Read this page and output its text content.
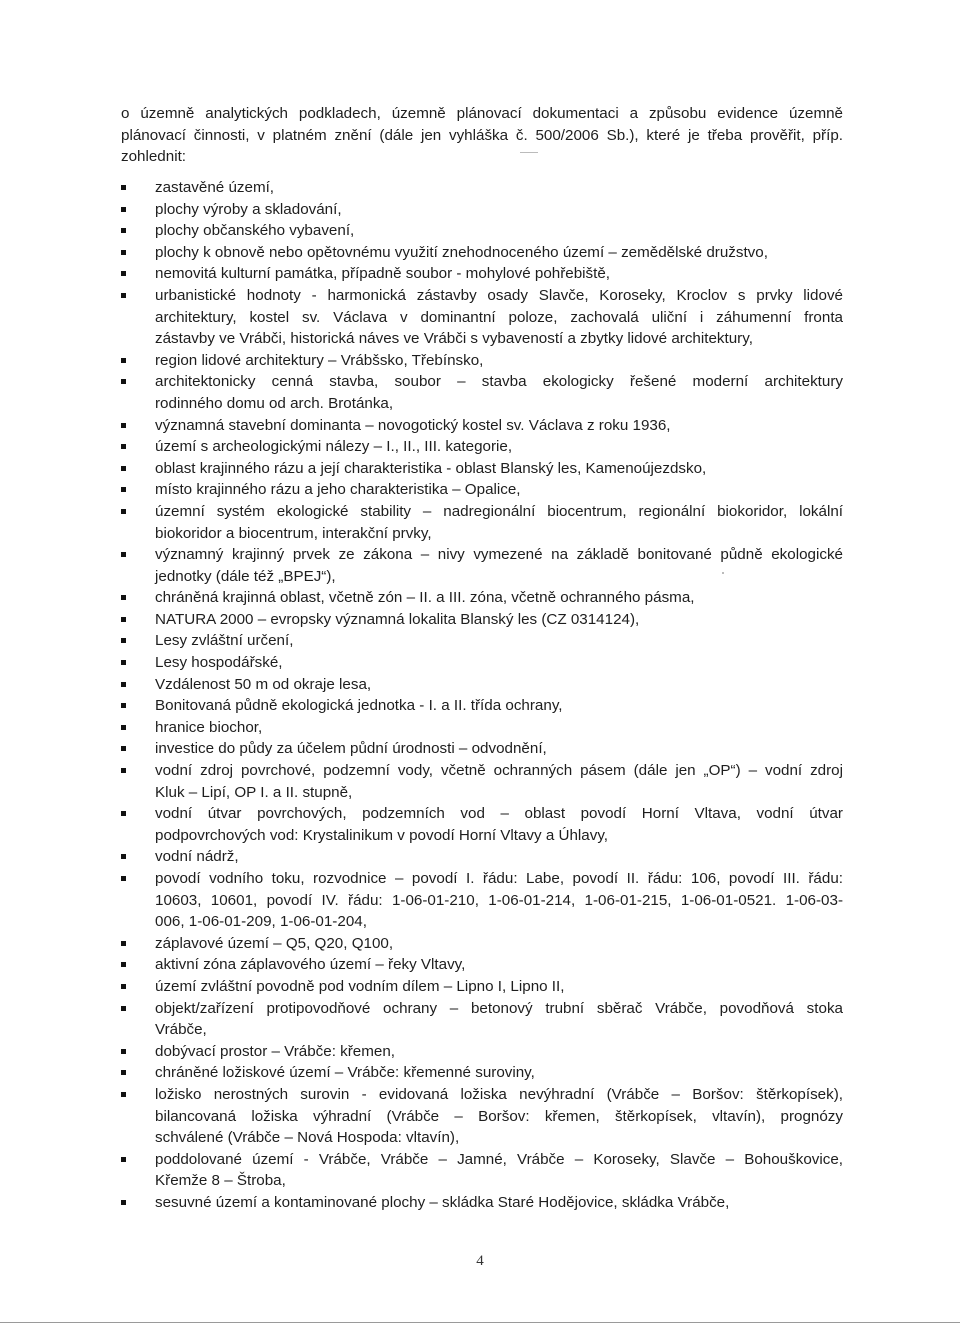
o územně analytických podkladech, územně plánovací dokumentaci a způsobu evidence územně
plánovací činnosti, v platném znění (dále jen vyhláška č. 500/2006 Sb.), které je třeba prověřit, příp.
zohlednit:
zastavěné území,
plochy výroby a skladování,
plochy občanského vybavení,
plochy k obnově nebo opětovnému využití znehodnoceného území – zemědělské družstvo,
nemovitá kulturní památka, případně soubor - mohylové pohřebiště,
urbanistické hodnoty - harmonická zástavby osady Slavče, Koroseky, Kroclov s prvky lidové
architektury, kostel sv. Václava v dominantní poloze, zachovalá uliční i záhumenní fronta
zástavby ve Vrábči, historická náves ve Vrábči s vybaveností a zbytky lidové architektury,
region lidové architektury – Vrábšsko, Třebínsko,
architektonicky cenná stavba, soubor – stavba ekologicky řešené moderní architektury
rodinného domu od arch. Brotánka,
významná stavební dominanta – novogotický kostel sv. Václava z roku 1936,
území s archeologickými nálezy – I., II., III. kategorie,
oblast krajinného rázu a její charakteristika - oblast Blanský les, Kamenoújezdsko,
místo krajinného rázu a jeho charakteristika – Opalice,
územní systém ekologické stability – nadregionální biocentrum, regionální biokoridor, lokální
biokoridor a biocentrum, interakční prvky,
významný krajinný prvek ze zákona – nivy vymezené na základě bonitované půdně ekologické
jednotky (dále též „BPEJ“),
chráněná krajinná oblast, včetně zón – II. a III. zóna, včetně ochranného pásma,
NATURA 2000 – evropsky významná lokalita Blanský les (CZ 0314124),
Lesy zvláštní určení,
Lesy hospodářské,
Vzdálenost 50 m od okraje lesa,
Bonitovaná půdně ekologická jednotka - I. a II. třída ochrany,
hranice biochor,
investice do půdy za účelem půdní úrodnosti – odvodnění,
vodní zdroj povrchové, podzemní vody, včetně ochranných pásem (dále jen „OP“) – vodní zdroj
Kluk – Lipí, OP I. a II. stupně,
vodní útvar povrchových, podzemních vod – oblast povodí Horní Vltava, vodní útvar
podpovrchových vod: Krystalinikum v povodí Horní Vltavy a Úhlavy,
vodní nádrž,
povodí vodního toku, rozvodnice – povodí I. řádu: Labe, povodí II. řádu: 106, povodí III. řádu:
10603, 10601, povodí IV. řádu: 1-06-01-210, 1-06-01-214, 1-06-01-215, 1-06-01-0521. 1-06-03-
006, 1-06-01-209, 1-06-01-204,
záplavové území – Q5, Q20, Q100,
aktivní zóna záplavového území – řeky Vltavy,
území zvláštní povodně pod vodním dílem – Lipno I, Lipno II,
objekt/zařízení protipovodňové ochrany – betonový trubní sběrač Vrábče, povodňová stoka
Vrábče,
dobývací prostor – Vrábče: křemen,
chráněné ložiskové území – Vrábče: křemenné suroviny,
ložisko nerostných surovin - evidovaná ložiska nevýhradní (Vrábče – Boršov: štěrkopísek),
bilancovaná ložiska výhradní (Vrábče – Boršov: křemen, štěrkopísek, vltavín), prognózy
schválené (Vrábče – Nová Hospoda: vltavín),
poddolované území - Vrábče, Vrábče – Jamné, Vrábče – Koroseky, Slavče – Bohouškovice,
Křemže 8 – Štroba,
sesuvné území a kontaminované plochy – skládka Staré Hodějovice, skládka Vrábče,
4
